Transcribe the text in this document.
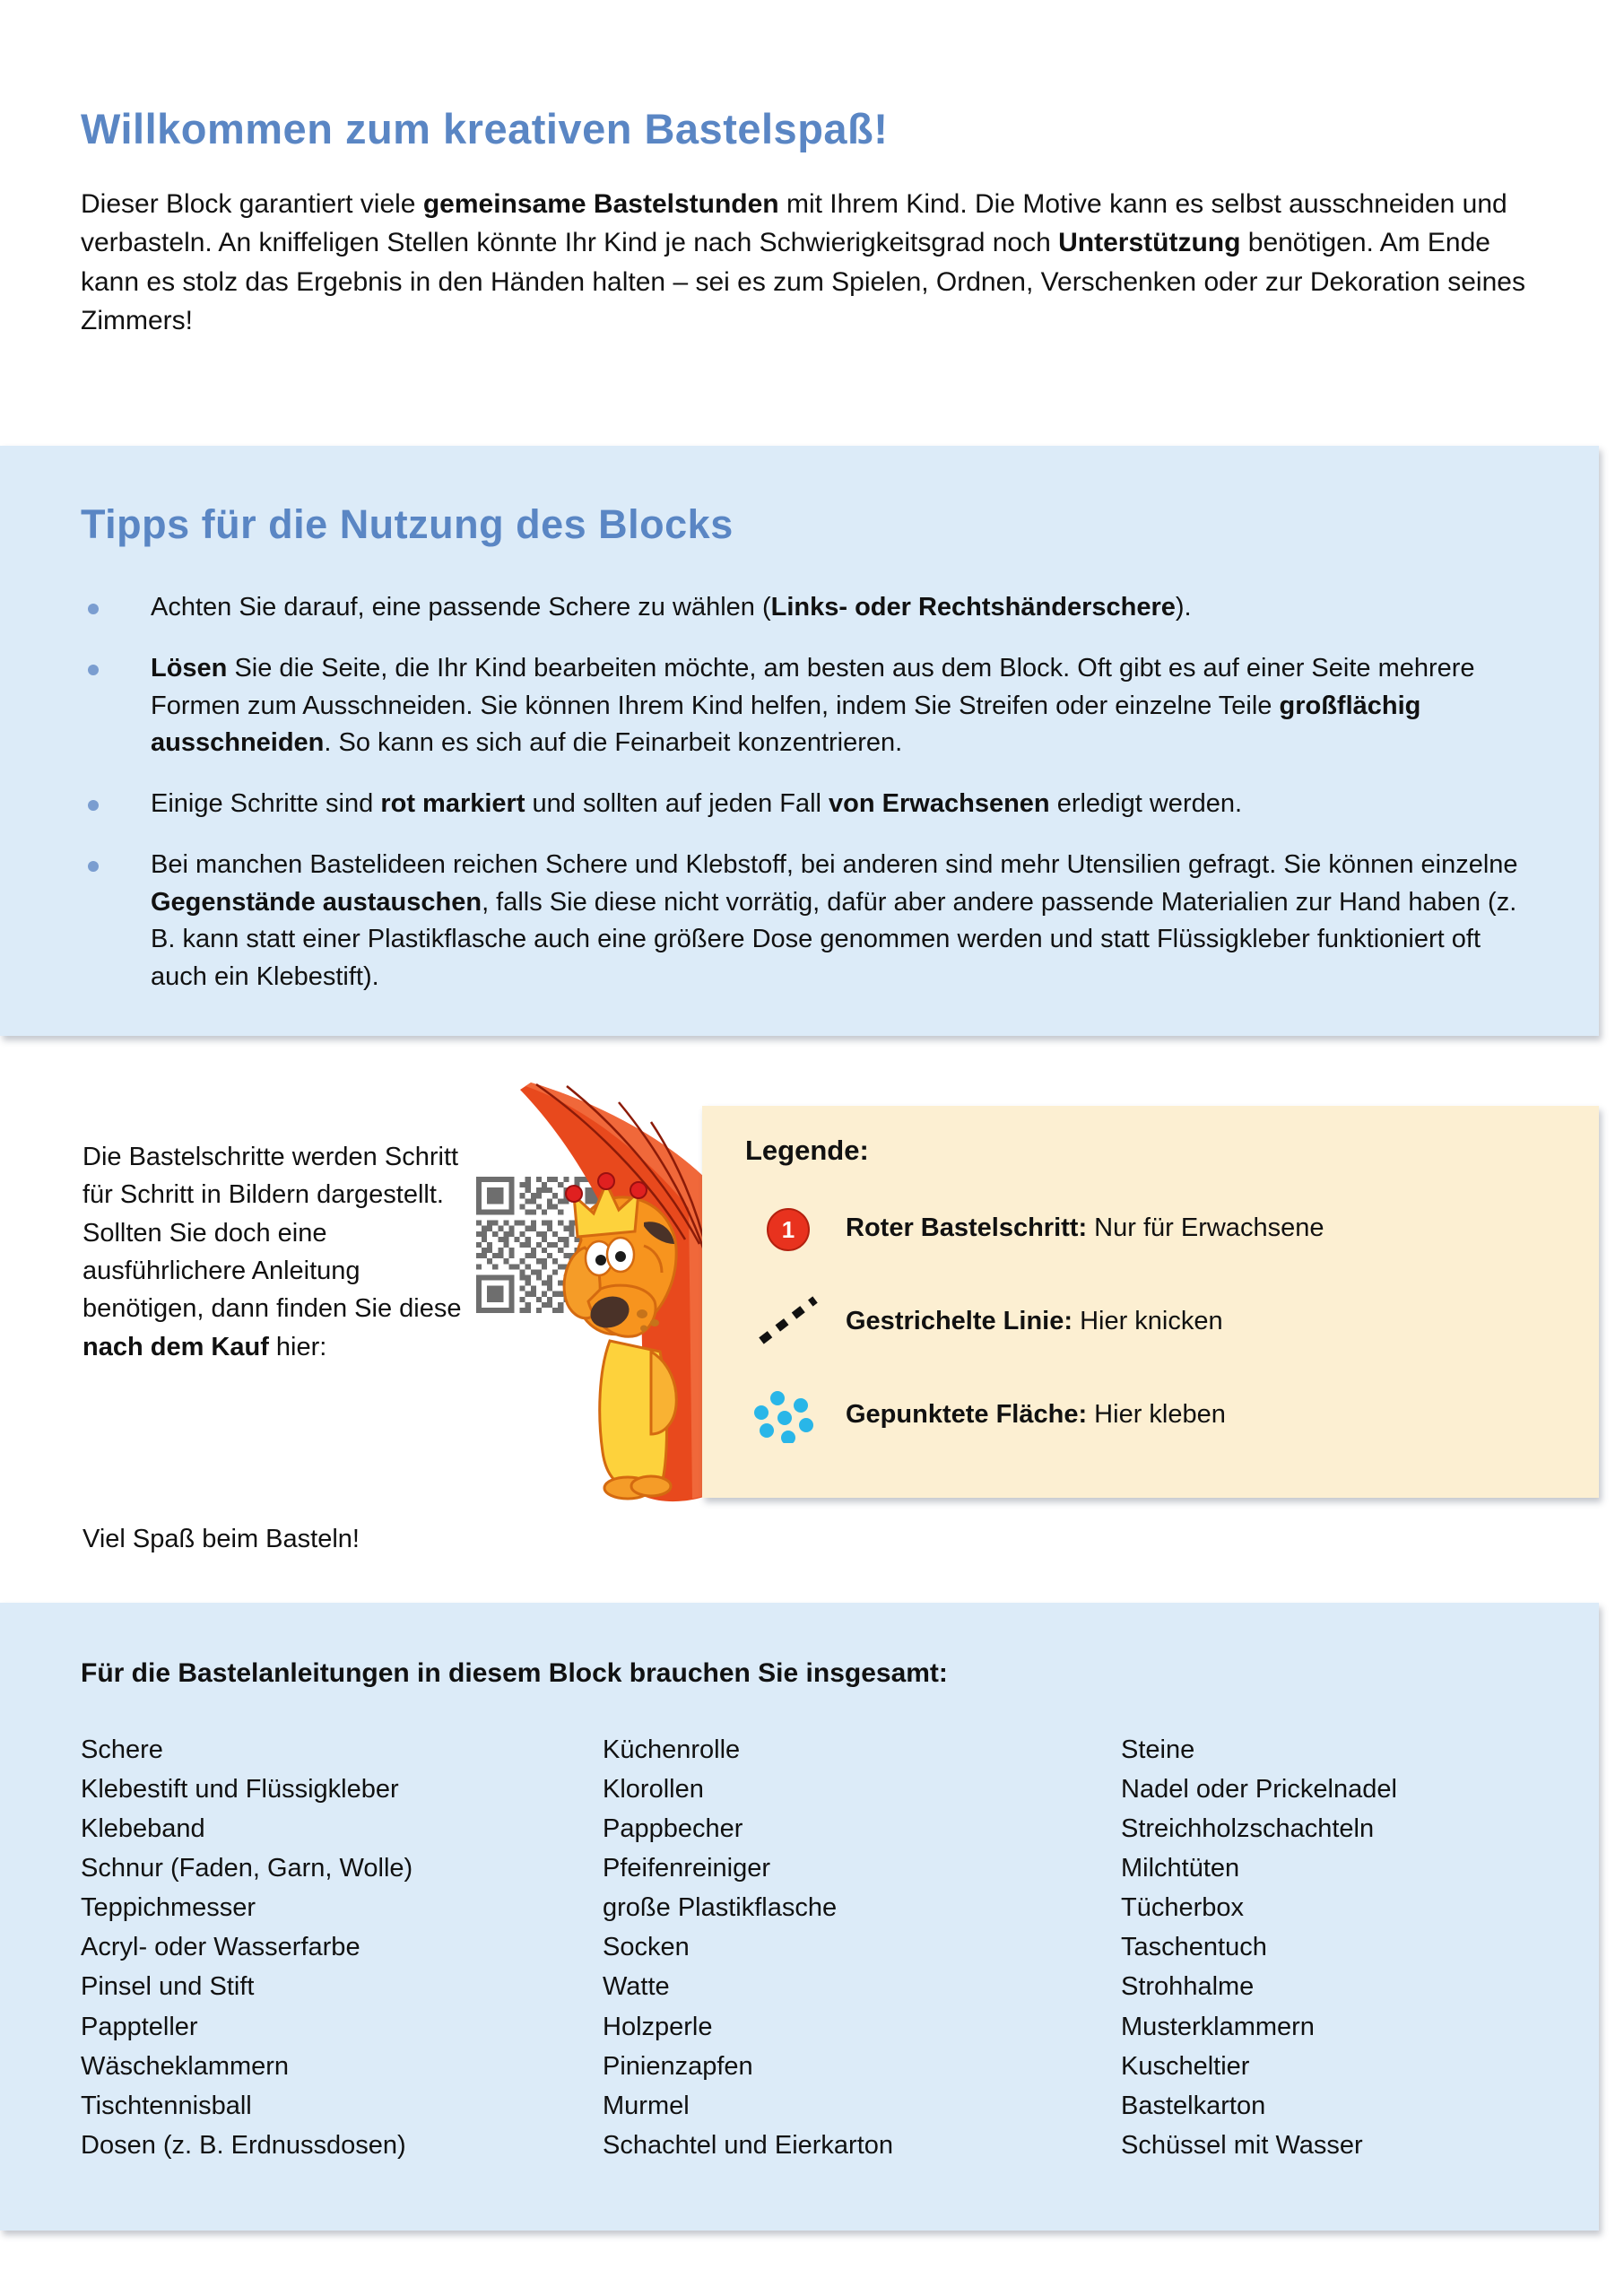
Willkommen zum kreativen Bastelspaß!

Dieser Block garantiert viele gemeinsame Bastelstunden mit Ihrem Kind. Die Motive kann es selbst ausschneiden und verbasteln. An kniffeligen Stellen könnte Ihr Kind je nach Schwierigkeitsgrad noch Unterstützung benötigen. Am Ende kann es stolz das Ergebnis in den Händen halten – sei es zum Spielen, Ordnen, Verschenken oder zur Dekoration seines Zimmers!

Tipps für die Nutzung des Blocks
Achten Sie darauf, eine passende Schere zu wählen (Links- oder Rechtshänderschere).
Lösen Sie die Seite, die Ihr Kind bearbeiten möchte, am besten aus dem Block. Oft gibt es auf einer Seite mehrere Formen zum Ausschneiden. Sie können Ihrem Kind helfen, indem Sie Streifen oder einzelne Teile großflächig ausschneiden. So kann es sich auf die Feinarbeit konzentrieren.
Einige Schritte sind rot markiert und sollten auf jeden Fall von Erwachsenen erledigt werden.
Bei manchen Bastelideen reichen Schere und Klebstoff, bei anderen sind mehr Utensilien gefragt. Sie können einzelne Gegenstände austauschen, falls Sie diese nicht vorrätig, dafür aber andere passende Materialien zur Hand haben (z. B. kann statt einer Plastikflasche auch eine größere Dose genommen werden und statt Flüssigkleber funktioniert oft auch ein Klebestift).

Die Bastelschritte werden Schritt für Schritt in Bildern dargestellt. Sollten Sie doch eine ausführlichere Anleitung benötigen, dann finden Sie diese nach dem Kauf hier:

Legende:
1	Roter Bastelschritt: Nur für Erwachsene
Gestrichelte Linie: Hier knicken
Gepunktete Fläche: Hier kleben
Viel Spaß beim Basteln!
Für die Bastelanleitungen in diesem Block brauchen Sie insgesamt:
Schere
Klebestift und Flüssigkleber
Klebeband
Schnur (Faden, Garn, Wolle)
Teppichmesser
Acryl- oder Wasserfarbe
Pinsel und Stift
Pappteller
Wäscheklammern
Tischtennisball
Dosen (z. B. Erdnussdosen)
Küchenrolle
Klorollen
Pappbecher
Pfeifenreiniger
große Plastikflasche
Socken
Watte
Holzperle
Pinienzapfen
Murmel
Schachtel und Eierkarton
Steine
Nadel oder Prickelnadel
Streichholzschachteln
Milchtüten
Tücherbox
Taschentuch
Strohhalme
Musterklammern
Kuscheltier
Bastelkarton
Schüssel mit Wasser
